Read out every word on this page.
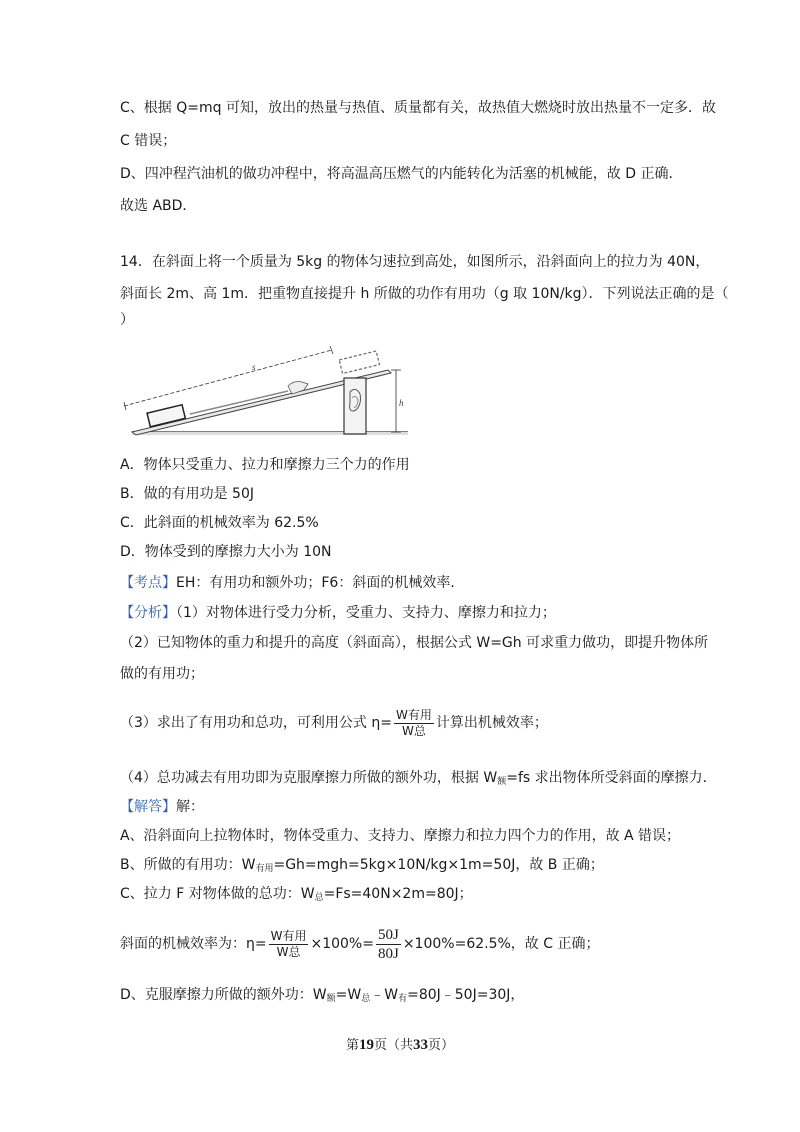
C、根据 Q=mq 可知，放出的热量与热值、质量都有关，故热值大燃烧时放出热量不一定多．故
C 错误；
D、四冲程汽油机的做功冲程中，将高温高压燃气的内能转化为活塞的机械能，故 D 正确．
故选 ABD．
14．在斜面上将一个质量为 5kg 的物体匀速拉到高处，如图所示，沿斜面向上的拉力为 40N，
斜面长 2m、高 1m．把重物直接提升 h 所做的功作有用功（g 取 10N/kg）．下列说法正确的是（
）
s
h
A．物体只受重力、拉力和摩擦力三个力的作用
B．做的有用功是 50J
C．此斜面的机械效率为 62.5%
D．物体受到的摩擦力大小为 10N
【考点】EH：有用功和额外功；F6：斜面的机械效率．
【分析】（1）对物体进行受力分析，受重力、支持力、摩擦力和拉力；
（2）已知物体的重力和提升的高度（斜面高），根据公式 W=Gh 可求重力做功，即提升物体所
做的有用功；
（3）求出了有用功和总功，可利用公式 $\eta= \frac{\text{W有用}}{\text{W总}}$ 计算出机械效率；
（4）总功减去有用功即为克服摩擦力所做的额外功，根据 $W_额=fs$ 求出物体所受斜面的摩擦力．
【解答】解：
A、沿斜面向上拉物体时，物体受重力、支持力、摩擦力和拉力四个力的作用，故 A 错误；
B、所做的有用功：$W_{有用}=Gh=mgh=5kg\times 10N/kg\times 1m=50J$，故 B 正确；
C、拉力 F 对物体做的总功：$W_总=Fs=40N\times 2m=80J$；
斜面的机械效率为：$\eta= \frac{\text{W有用}}{\text{W总}} \times 100\%= \frac{50J}{80J} \times 100\%=62.5\%$，故 C 正确；
D、克服摩擦力所做的额外功：$W_额=W_总﹣W_有=80J﹣50J=30J$，
第19页（共33页）
